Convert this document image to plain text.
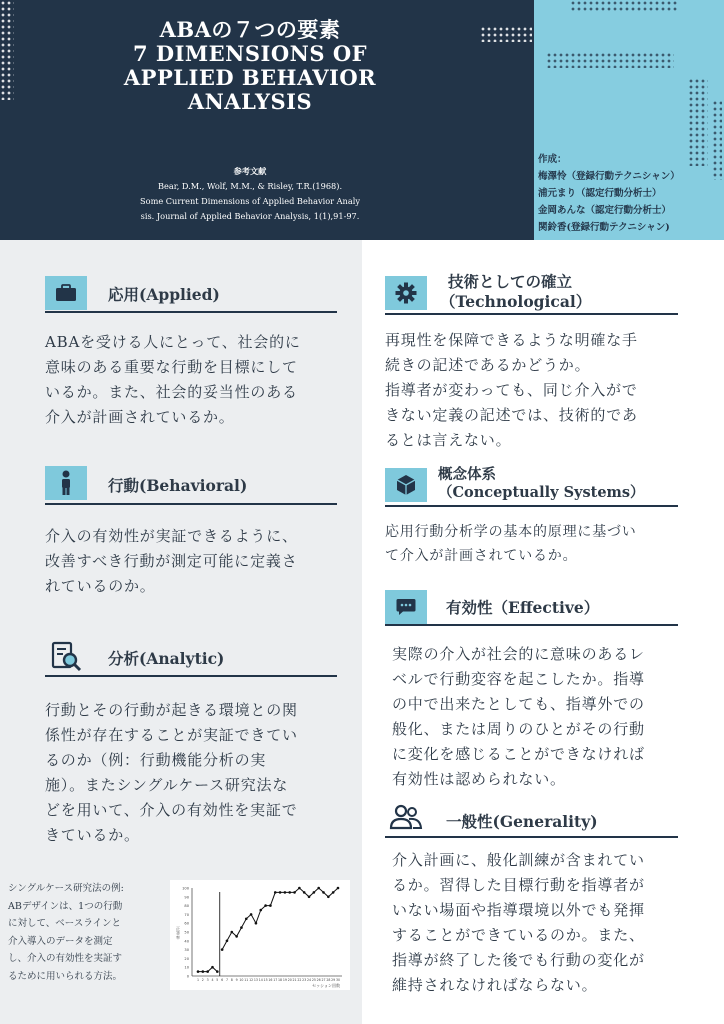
ABAの７つの要素
7 DIMENSIONS OF
APPLIED BEHAVIOR
ANALYSIS
参考文献
Bear, D.M., Wolf, M.M., & Risley, T.R.(1968).
Some Current Dimensions of Applied Behavior Analy
sis. Journal of Applied Behavior Analysis, 1(1),91-97.
作成：
梅澤怜（登録行動テクニシャン）
浦元まり（認定行動分析士）
金岡あんな（認定行動分析士）
関鈴香(登録行動テクニシャン)
応用(Applied)
ABAを受ける人にとって、社会的に
意味のある重要な行動を目標にして
いるか。また、社会的妥当性のある
介入が計画されているか。
行動(Behavioral)
介入の有効性が実証できるように、
改善すべき行動が測定可能に定義さ
れているのか。
分析(Analytic)
行動とその行動が起きる環境との関
係性が存在することが実証できてい
るのか（例：行動機能分析の実
施）。またシングルケース研究法な
どを用いて、介入の有効性を実証で
きているか。
シングルケース研究法の例:
ABデザインは、1つの行動
に対して、ベースラインと
介入導入のデータを測定
し、介入の有効性を実証す
るために用いられる方法。	0
10
20
30
40
50
60
70
80
90
100
1 2 3 4 5 6 7 8 9 10 11 12 13 14 15 16 17 18 19 20 21 22 23 24 25 26 27 28 29 30
正答率
セッション回数
技術としての確立
（Technological）
再現性を保障できるような明確な手
続きの記述であるかどうか。
指導者が変わっても、同じ介入がで
きない定義の記述では、技術的であ
るとは言えない。
概念体系
（Conceptually Systems）
応用行動分析学の基本的原理に基づい
て介入が計画されているか。
有効性（Effective）
実際の介入が社会的に意味のあるレ
ベルで行動変容を起こしたか。指導
の中で出来たとしても、指導外での
般化、または周りのひとがその行動
に変化を感じることができなければ
有効性は認められない。
一般性(Generality)
介入計画に、般化訓練が含まれてい
るか。習得した目標行動を指導者が
いない場面や指導環境以外でも発揮
することができているのか。また、
指導が終了した後でも行動の変化が
維持されなければならない。
